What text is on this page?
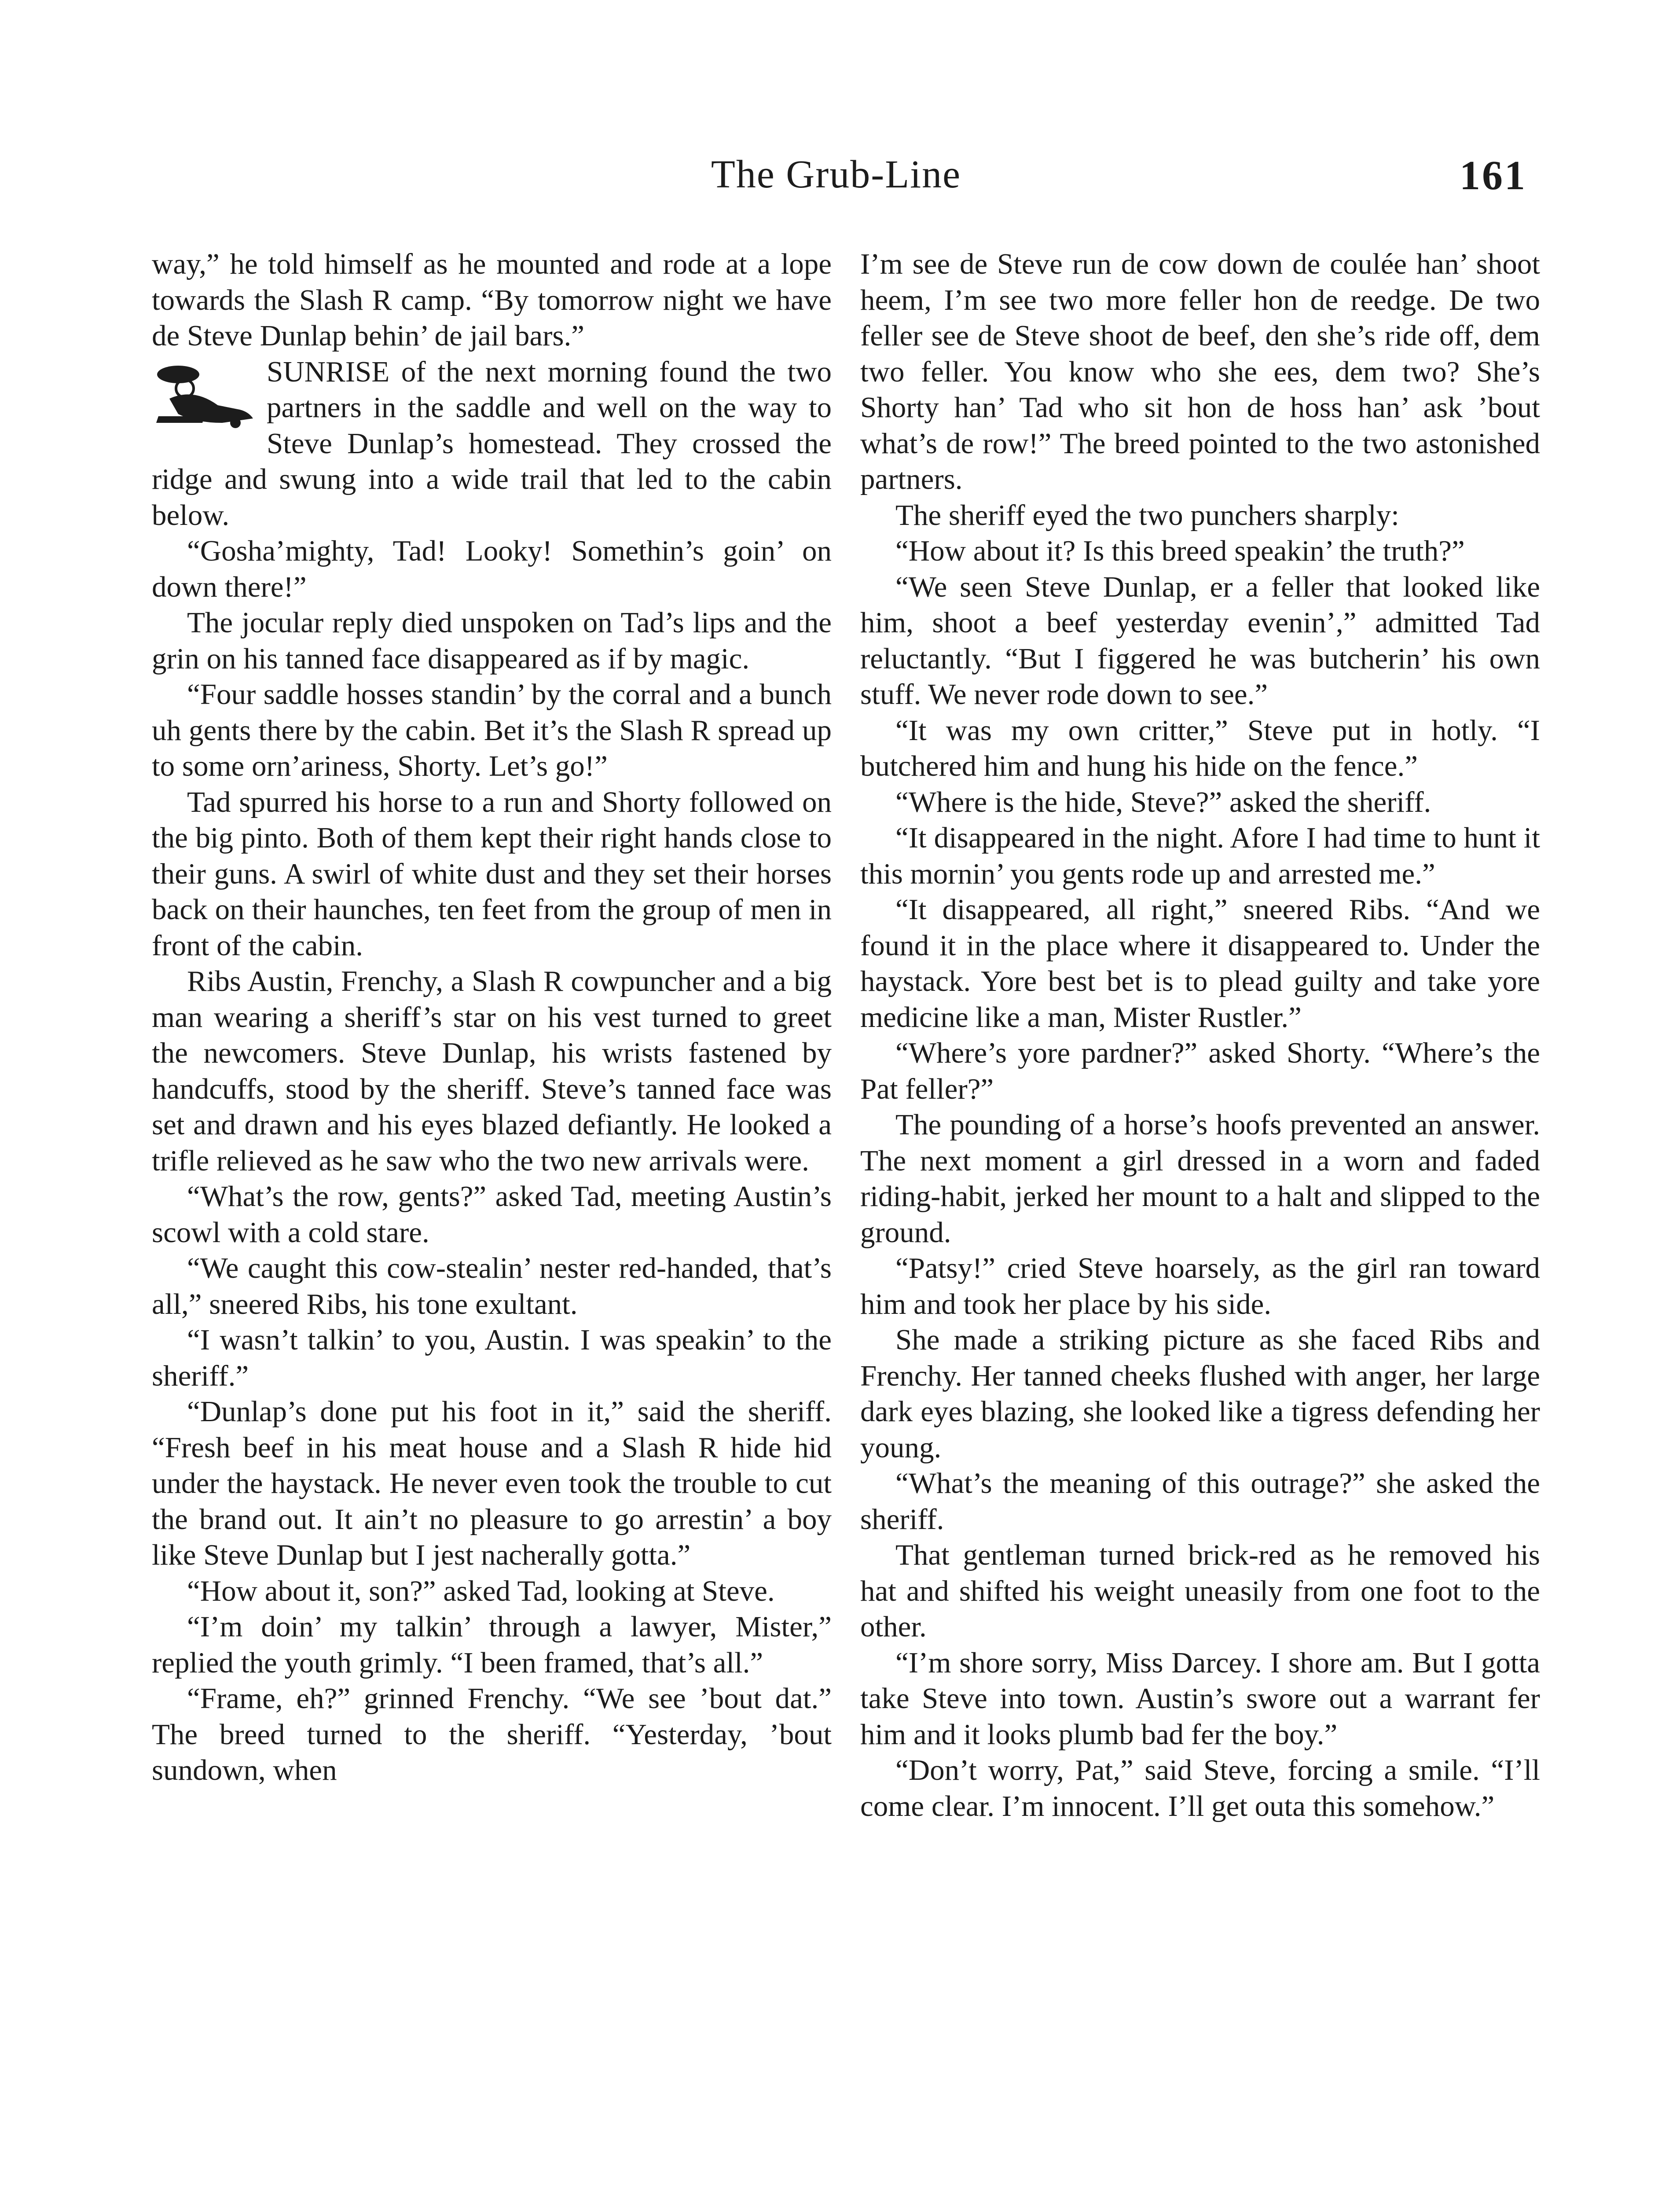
The Grub-Line	161

way,” he told himself as he mounted and rode at a lope towards the Slash R camp. “By tomorrow night we have de Steve Dunlap behin’ de jail bars.”

SUNRISE of the next morning found the two partners in the saddle and well on the way to Steve Dunlap’s homestead. They crossed the ridge and swung into a wide trail that led to the cabin below.

“Gosha’mighty, Tad! Looky! Somethin’s goin’ on down there!”

The jocular reply died unspoken on Tad’s lips and the grin on his tanned face disappeared as if by magic.

“Four saddle hosses standin’ by the corral and a bunch uh gents there by the cabin. Bet it’s the Slash R spread up to some orn’ariness, Shorty. Let’s go!”

Tad spurred his horse to a run and Shorty followed on the big pinto. Both of them kept their right hands close to their guns. A swirl of white dust and they set their horses back on their haunches, ten feet from the group of men in front of the cabin.

Ribs Austin, Frenchy, a Slash R cowpuncher and a big man wearing a sheriff’s star on his vest turned to greet the newcomers. Steve Dunlap, his wrists fastened by handcuffs, stood by the sheriff. Steve’s tanned face was set and drawn and his eyes blazed defiantly. He looked a trifle relieved as he saw who the two new arrivals were.

“What’s the row, gents?” asked Tad, meeting Austin’s scowl with a cold stare.

“We caught this cow-stealin’ nester red-handed, that’s all,” sneered Ribs, his tone exultant.

“I wasn’t talkin’ to you, Austin. I was speakin’ to the sheriff.”

“Dunlap’s done put his foot in it,” said the sheriff. “Fresh beef in his meat house and a Slash R hide hid under the haystack. He never even took the trouble to cut the brand out. It ain’t no pleasure to go arrestin’ a boy like Steve Dunlap but I jest nacherally gotta.”

“How about it, son?” asked Tad, looking at Steve.

“I’m doin’ my talkin’ through a lawyer, Mister,” replied the youth grimly. “I been framed, that’s all.”

“Frame, eh?” grinned Frenchy. “We see ’bout dat.” The breed turned to the sheriff. “Yesterday, ’bout sundown, when

I’m see de Steve run de cow down de coulée han’ shoot heem, I’m see two more feller hon de reedge. De two feller see de Steve shoot de beef, den she’s ride off, dem two feller. You know who she ees, dem two? She’s Shorty han’ Tad who sit hon de hoss han’ ask ’bout what’s de row!” The breed pointed to the two astonished partners.

The sheriff eyed the two punchers sharply:

“How about it? Is this breed speakin’ the truth?”

“We seen Steve Dunlap, er a feller that looked like him, shoot a beef yesterday evenin’,” admitted Tad reluctantly. “But I figgered he was butcherin’ his own stuff. We never rode down to see.”

“It was my own critter,” Steve put in hotly. “I butchered him and hung his hide on the fence.”

“Where is the hide, Steve?” asked the sheriff.

“It disappeared in the night. Afore I had time to hunt it this mornin’ you gents rode up and arrested me.”

“It disappeared, all right,” sneered Ribs. “And we found it in the place where it disappeared to. Under the haystack. Yore best bet is to plead guilty and take yore medicine like a man, Mister Rustler.”

“Where’s yore pardner?” asked Shorty. “Where’s the Pat feller?”

The pounding of a horse’s hoofs prevented an answer. The next moment a girl dressed in a worn and faded riding-habit, jerked her mount to a halt and slipped to the ground.

“Patsy!” cried Steve hoarsely, as the girl ran toward him and took her place by his side.

She made a striking picture as she faced Ribs and Frenchy. Her tanned cheeks flushed with anger, her large dark eyes blazing, she looked like a tigress defending her young.

“What’s the meaning of this outrage?” she asked the sheriff.

That gentleman turned brick-red as he removed his hat and shifted his weight uneasily from one foot to the other.

“I’m shore sorry, Miss Darcey. I shore am. But I gotta take Steve into town. Austin’s swore out a warrant fer him and it looks plumb bad fer the boy.”

“Don’t worry, Pat,” said Steve, forcing a smile. “I’ll come clear. I’m innocent. I’ll get outa this somehow.”
